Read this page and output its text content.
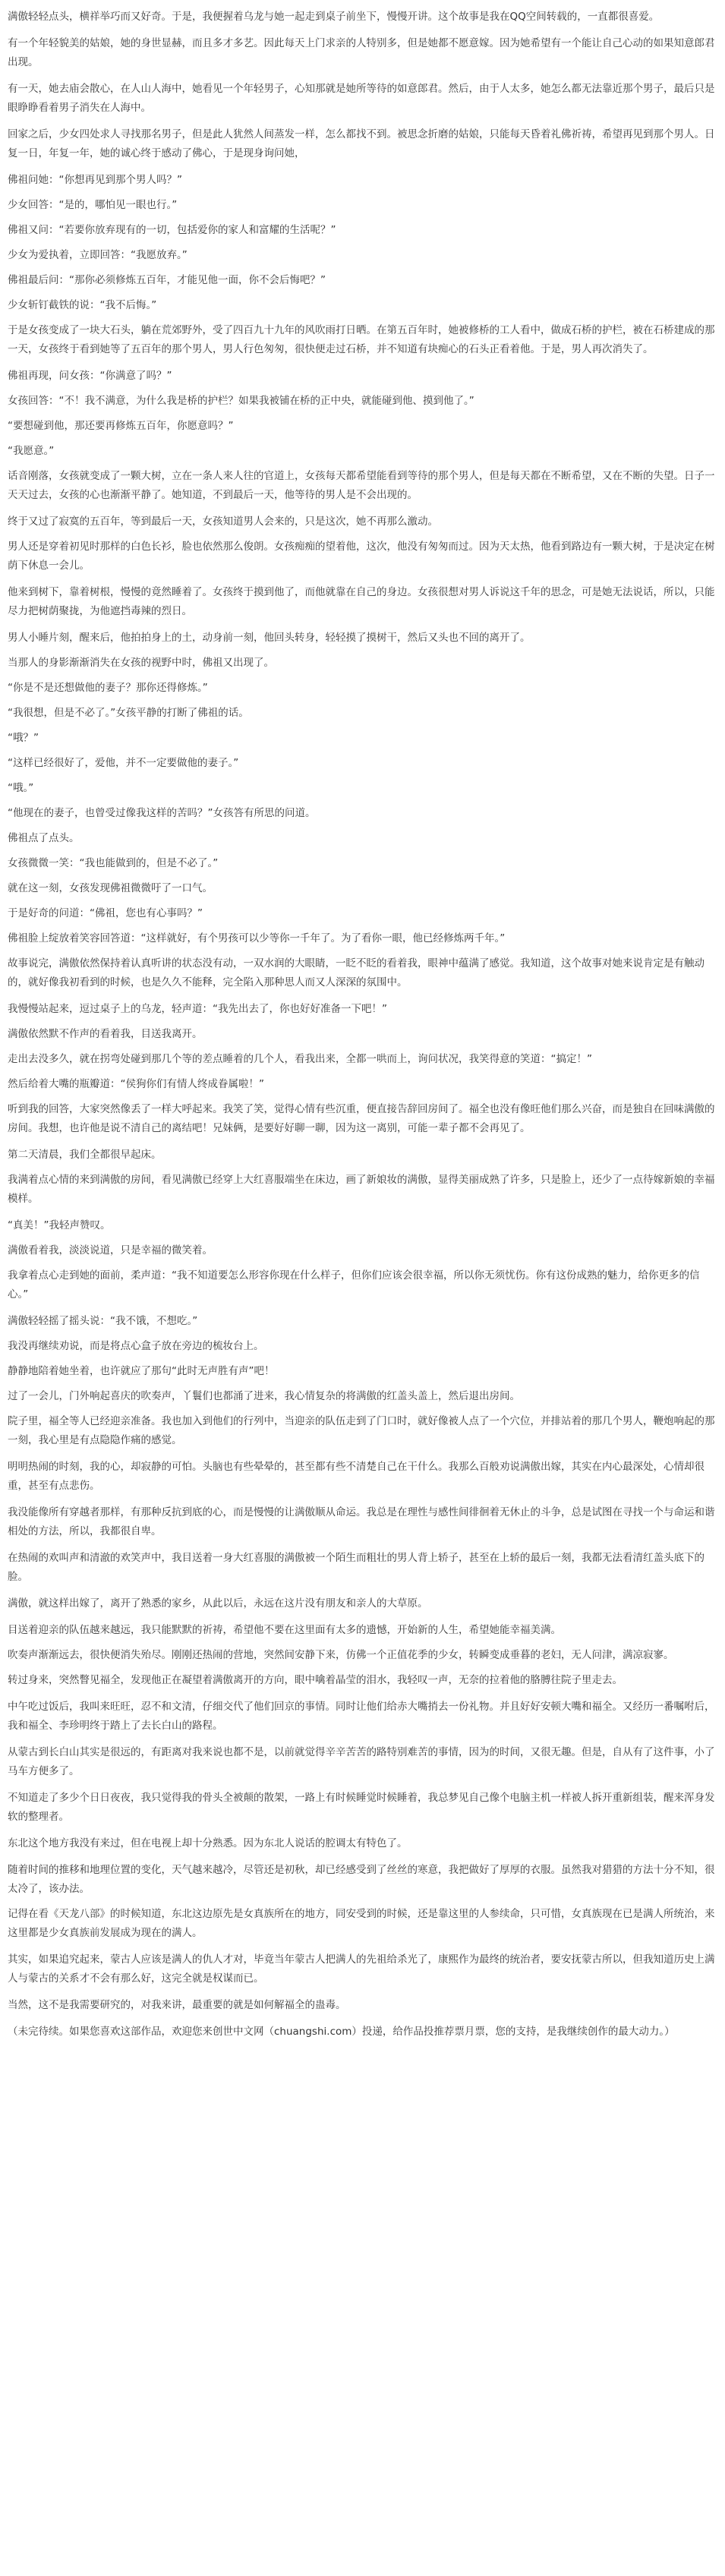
满傲轻轻点头，横祥举巧而又好奇。于是，我便握着乌龙与她一起走到桌子前坐下，慢慢开讲。这个故事是我在QQ空间转载的，一直都很喜爱。

有一个年轻貌美的姑娘，她的身世显赫，而且多才多艺。因此每天上门求亲的人特别多，但是她都不愿意嫁。因为她希望有一个能让自己心动的如果知意郎君出现。

有一天，她去庙会散心，在人山人海中，她看见一个年轻男子，心知那就是她所等待的如意郎君。然后，由于人太多，她怎么都无法靠近那个男子，最后只是眼睁睁看着男子消失在人海中。

回家之后，少女四处求人寻找那名男子，但是此人犹然人间蒸发一样，怎么都找不到。被思念折磨的姑娘，只能每天昏着礼佛祈祷，希望再见到那个男人。日复一日，年复一年，她的诚心终于感动了佛心，于是现身询问她，

佛祖问她：“你想再见到那个男人吗？”

少女回答：“是的，哪怕见一眼也行。”

佛祖又问：“若要你放弃现有的一切，包括爱你的家人和富耀的生活呢？”

少女为爱执着，立即回答：“我愿放弃。”

佛祖最后问：“那你必须修炼五百年，才能见他一面，你不会后悔吧？”

少女斩钉截铁的说：“我不后悔。”

于是女孩变成了一块大石头，躺在荒郊野外，受了四百九十九年的风吹雨打日晒。在第五百年时，她被修桥的工人看中，做成石桥的护栏，被在石桥建成的那一天，女孩终于看到她等了五百年的那个男人，男人行色匆匆，很快便走过石桥，并不知道有块痴心的石头正看着他。于是，男人再次消失了。

佛祖再现，问女孩：“你满意了吗？”

女孩回答：“不！我不满意，为什么我是桥的护栏？如果我被铺在桥的正中央，就能碰到他、摸到他了。”

“要想碰到他，那还要再修炼五百年，你愿意吗？”

“我愿意。”

话音刚落，女孩就变成了一颗大树，立在一条人来人往的官道上，女孩每天都希望能看到等待的那个男人，但是每天都在不断希望，又在不断的失望。日子一天天过去，女孩的心也渐渐平静了。她知道，不到最后一天，他等待的男人是不会出现的。

终于又过了寂寞的五百年，等到最后一天，女孩知道男人会来的，只是这次，她不再那么激动。

男人还是穿着初见时那样的白色长衫，脸也依然那么俊朗。女孩痴痴的望着他，这次，他没有匆匆而过。因为天太热，他看到路边有一颗大树，于是决定在树荫下休息一会儿。

他来到树下，靠着树根，慢慢的竟然睡着了。女孩终于摸到他了，而他就靠在自己的身边。女孩很想对男人诉说这千年的思念，可是她无法说话，所以，只能尽力把树荫聚拢，为他遮挡毒辣的烈日。

男人小睡片刻，醒来后，他拍拍身上的土，动身前一刻，他回头转身，轻轻摸了摸树干，然后又头也不回的离开了。

当那人的身影渐渐消失在女孩的视野中时，佛祖又出现了。

“你是不是还想做他的妻子？那你还得修炼。”

“我很想，但是不必了。”女孩平静的打断了佛祖的话。

“哦？”

“这样已经很好了，爱他，并不一定要做他的妻子。”

“哦。”

“他现在的妻子，也曾受过像我这样的苦吗？”女孩答有所思的问道。

佛祖点了点头。

女孩微微一笑：“我也能做到的，但是不必了。”

就在这一刻，女孩发现佛祖微微吁了一口气。

于是好奇的问道：“佛祖，您也有心事吗？”

佛祖脸上绽放着笑容回答道：“这样就好，有个男孩可以少等你一千年了。为了看你一眼，他已经修炼两千年。”

故事说完，满傲依然保持着认真听讲的状态没有动，一双水润的大眼睛，一眨不眨的看着我，眼神中蕴满了感觉。我知道，这个故事对她来说肯定是有触动的，就好像我初看到的时候，也是久久不能释，完全陷入那种思人而又人深深的氛围中。

我慢慢站起来，逗过桌子上的乌龙，轻声道：“我先出去了，你也好好准备一下吧！”

满傲依然默不作声的看着我，目送我离开。

走出去没多久，就在拐弯处碰到那几个等的差点睡着的几个人，看我出来，全都一哄而上，询问状况，我笑得意的笑道：“搞定！”

然后给着大嘴的瓶瓣道：“侯狗你们有情人终成眷属啦！”

听到我的回答，大家突然像丢了一样大呼起来。我笑了笑，觉得心情有些沉重，便直接告辞回房间了。福全也没有像旺他们那么兴奋，而是独自在回味满傲的房间。我想，也许他是说不清自己的离结吧！兄妹俩，是要好好聊一聊，因为这一离别，可能一辈子都不会再见了。

第二天清晨，我们全都很早起床。

我满着点心情的来到满傲的房间，看见满傲已经穿上大红喜服端坐在床边，画了新娘妆的满傲，显得美丽成熟了许多，只是脸上，还少了一点待嫁新娘的幸福模样。

“真美！”我轻声赞叹。

满傲看着我，淡淡说道，只是幸福的微笑着。

我拿着点心走到她的面前，柔声道：“我不知道要怎么形容你现在什么样子，但你们应该会很幸福，所以你无须忧伤。你有这份成熟的魅力，给你更多的信心。”

满傲轻轻摇了摇头说：“我不饿，不想吃。”

我没再继续劝说，而是将点心盒子放在旁边的梳妆台上。

静静地陪着她坐着，也许就应了那句“此时无声胜有声”吧！

过了一会儿，门外响起喜庆的吹奏声，丫鬟们也都涌了进来，我心情复杂的将满傲的红盖头盖上，然后退出房间。

院子里，福全等人已经迎亲准备。我也加入到他们的行列中，当迎亲的队伍走到了门口时，就好像被人点了一个穴位，并排站着的那几个男人，鞭炮响起的那一刻，我心里是有点隐隐作痛的感觉。

明明热闹的时刻，我的心，却寂静的可怕。头脑也有些晕晕的，甚至都有些不清楚自己在干什么。我那么百般劝说满傲出嫁，其实在内心最深处，心情却很重，甚至有点悲伤。

我没能像所有穿越者那样，有那种反抗到底的心，而是慢慢的让满傲顺从命运。我总是在理性与感性间徘徊着无休止的斗争，总是试图在寻找一个与命运和谐相处的方法，所以，我都很自卑。

在热闹的欢叫声和清澈的欢笑声中，我目送着一身大红喜服的满傲被一个陌生而粗壮的男人背上轿子，甚至在上轿的最后一刻，我都无法看清红盖头底下的脸。

满傲，就这样出嫁了，离开了熟悉的家乡，从此以后，永远在这片没有朋友和亲人的大草原。

目送着迎亲的队伍越来越远，我只能默默的祈祷，希望他不要在这里面有太多的遗憾，开始新的人生，希望她能幸福美满。

吹奏声渐渐远去，很快便消失殆尽。刚刚还热闹的营地，突然间安静下来，仿佛一个正值花季的少女，转瞬变成垂暮的老妇，无人问津，满凉寂寥。

转过身来，突然瞥见福全，发现他正在凝望着满傲离开的方向，眼中噙着晶莹的泪水，我轻叹一声，无奈的拉着他的胳膊往院子里走去。

中午吃过饭后，我叫来旺旺，忍不和文清，仔细交代了他们回京的事情。同时让他们给赤大嘴捎去一份礼物。并且好好安顿大嘴和福全。又经历一番嘱咐后，我和福全、李珍明终于踏上了去长白山的路程。

从蒙古到长白山其实是很远的，有距离对我来说也都不是，以前就觉得辛辛苦苦的路特别难苦的事情，因为的时间，又很无趣。但是，自从有了这件事，小了马车方便多了。

不知道走了多少个日日夜夜，我只觉得我的骨头全被颠的散架，一路上有时候睡觉时候睡着，我总梦见自己像个电脑主机一样被人拆开重新组装，醒来浑身发软的整理者。

东北这个地方我没有来过，但在电视上却十分熟悉。因为东北人说话的腔调太有特色了。

随着时间的推移和地理位置的变化，天气越来越冷，尽管还是初秋，却已经感受到了丝丝的寒意，我把做好了厚厚的衣服。虽然我对猎猎的方法十分不知，很太冷了，该办法。

记得在看《天龙八部》的时候知道，东北这边原先是女真族所在的地方，同安受到的时候，还是靠这里的人参续命，只可惜，女真族现在已是满人所统治，来这里都是少女真族前发展成为现在的满人。

其实，如果追究起来，蒙古人应该是满人的仇人才对，毕竟当年蒙古人把满人的先祖给杀光了，康熙作为最终的统治者，要安抚蒙古所以，但我知道历史上满人与蒙古的关系才不会有那么好，这完全就是权谋而已。

当然，这不是我需要研究的，对我来讲，最重要的就是如何解福全的蛊毒。

（未完待续。如果您喜欢这部作品，欢迎您来创世中文网（chuangshi.com）投递，给作品投推荐票月票，您的支持，是我继续创作的最大动力。）
